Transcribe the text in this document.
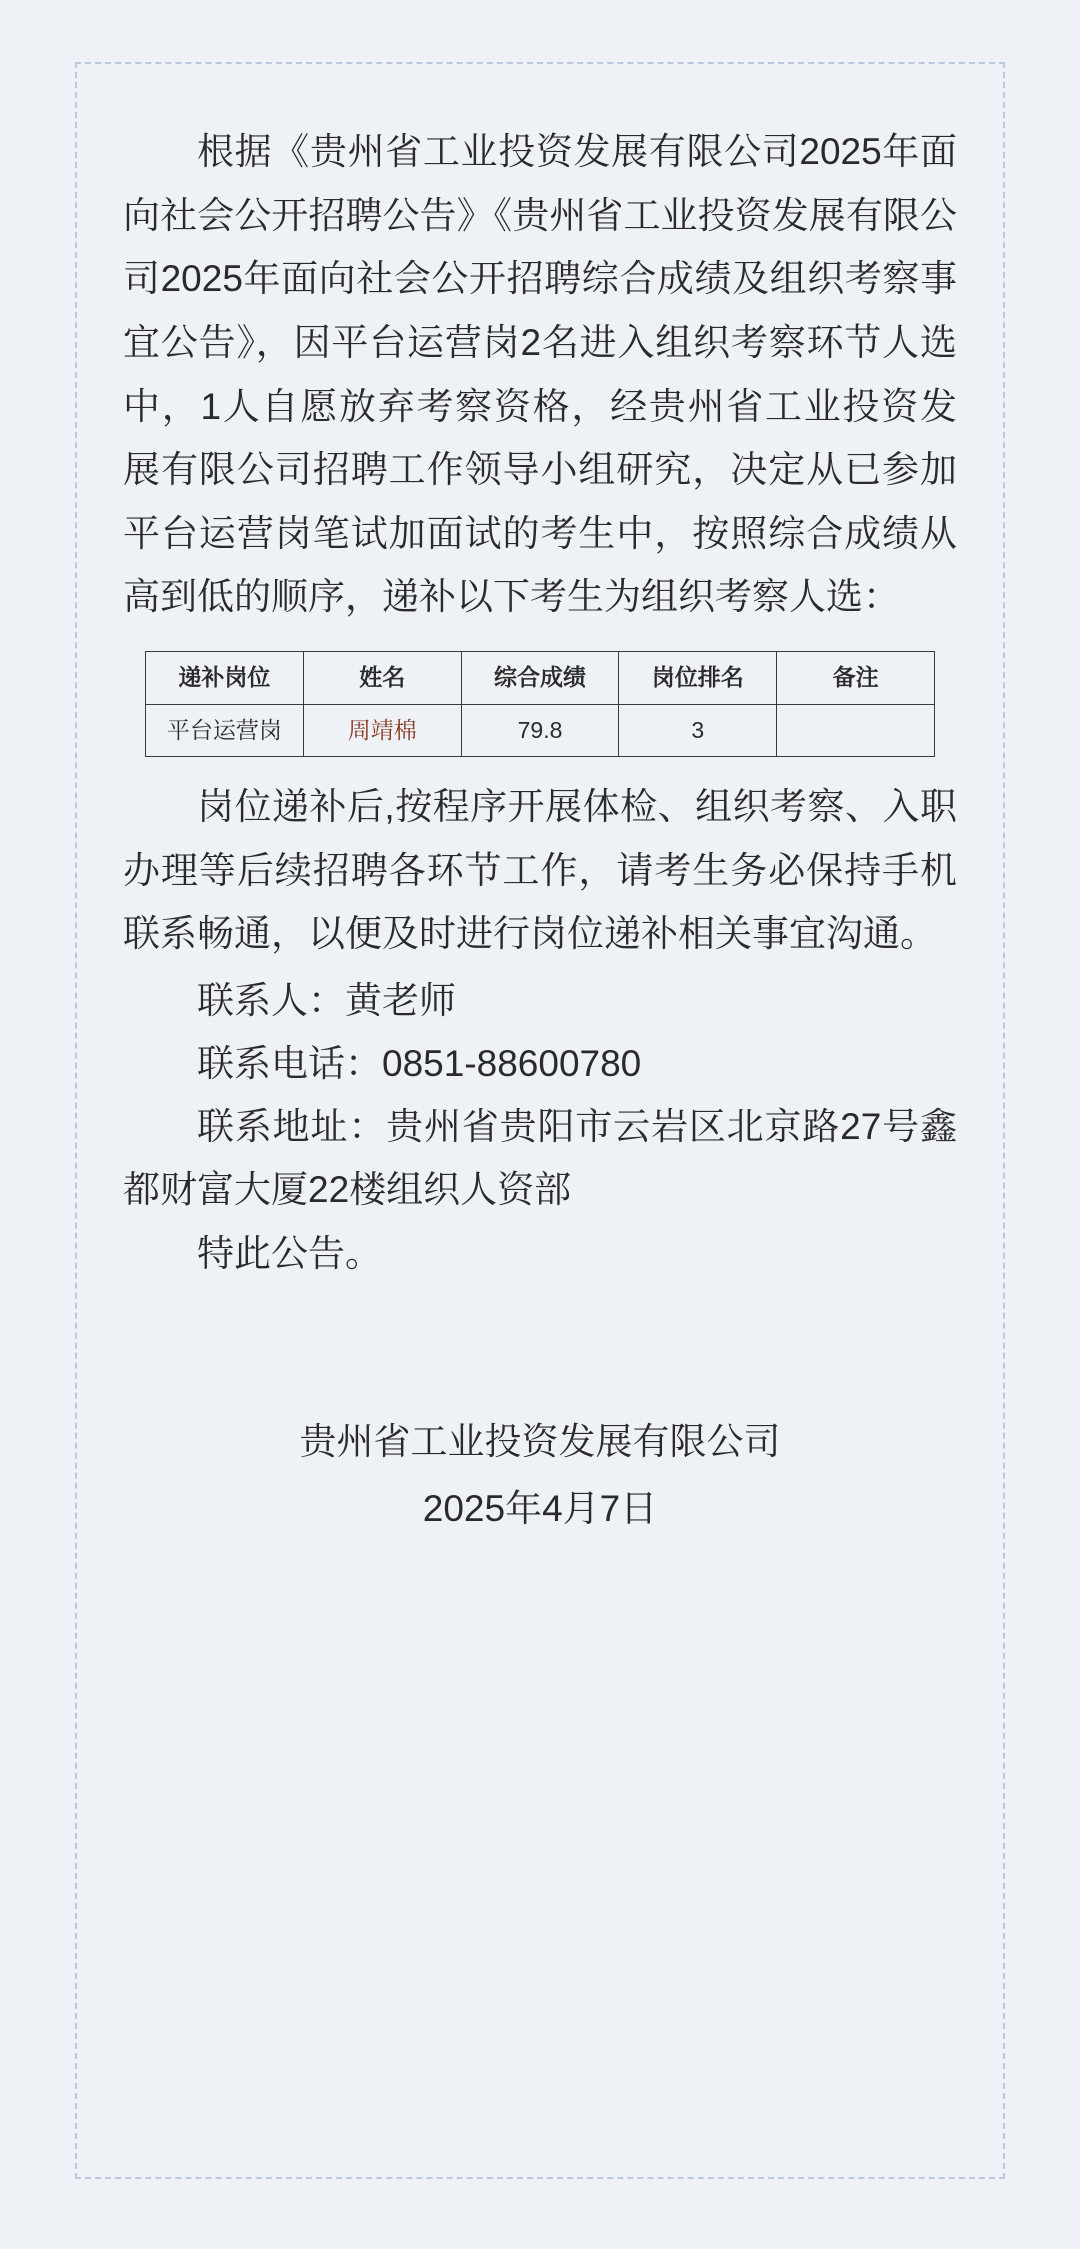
根据《贵州省工业投资发展有限公司2025年面向社会公开招聘公告》《贵州省工业投资发展有限公司2025年面向社会公开招聘综合成绩及组织考察事宜公告》，因平台运营岗2名进入组织考察环节人选中，1人自愿放弃考察资格，经贵州省工业投资发展有限公司招聘工作领导小组研究，决定从已参加平台运营岗笔试加面试的考生中，按照综合成绩从高到低的顺序，递补以下考生为组织考察人选：

递补岗位	姓名	综合成绩	岗位排名	备注
平台运营岗	周靖棉	79.8	3	

岗位递补后,按程序开展体检、组织考察、入职办理等后续招聘各环节工作，请考生务必保持手机联系畅通，以便及时进行岗位递补相关事宜沟通。

联系人：黄老师

联系电话：0851-88600780

联系地址：贵州省贵阳市云岩区北京路27号鑫都财富大厦22楼组织人资部

特此公告。

贵州省工业投资发展有限公司
2025年4月7日
